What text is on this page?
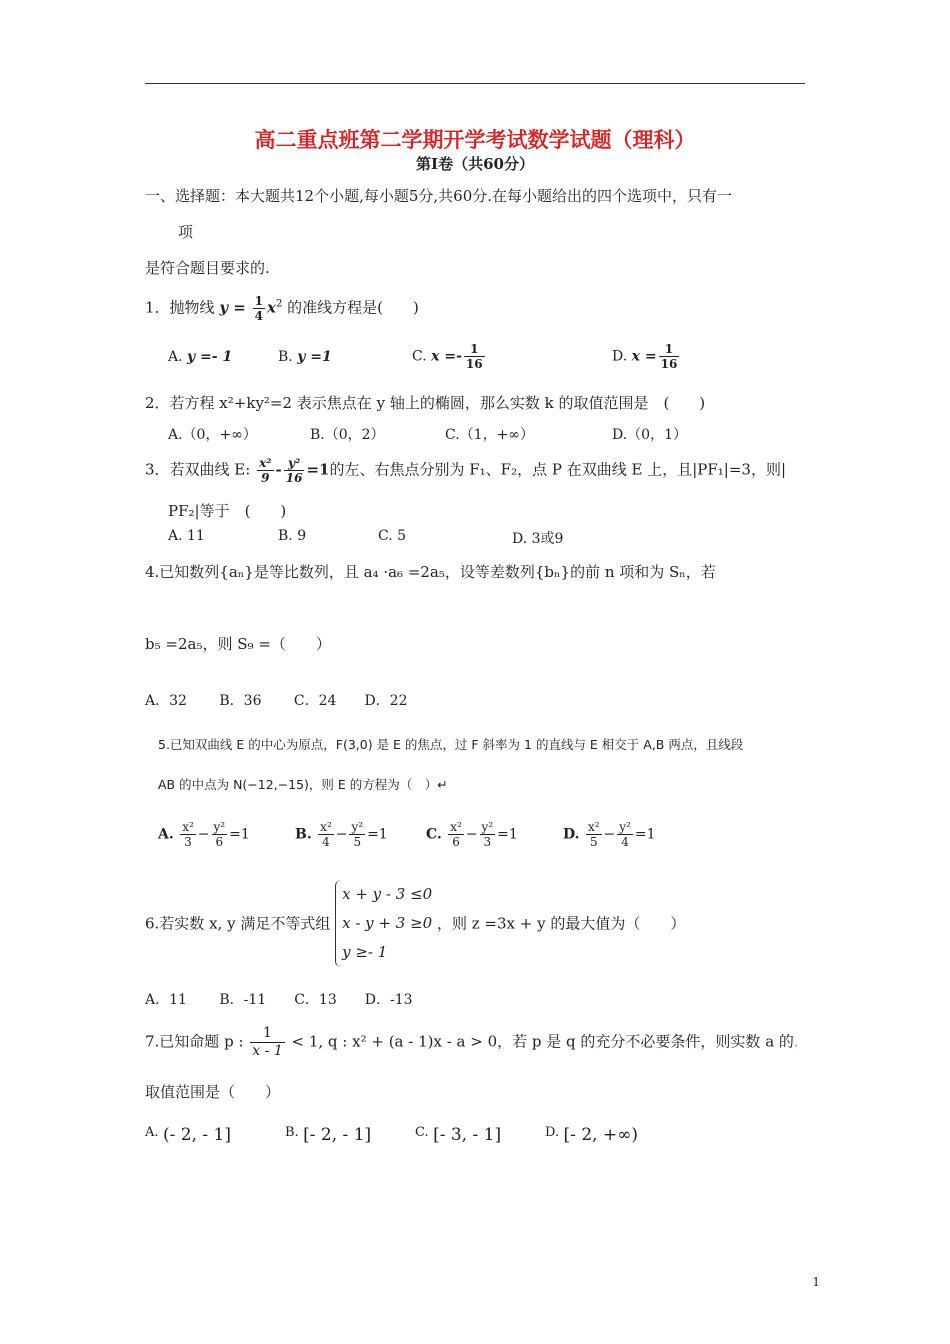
高二重点班第二学期开学考试数学试题（理科）
第Ⅰ卷（共60分）
一、选择题：本大题共12个小题,每小题5分,共60分.在每小题给出的四个选项中，只有一
项
是符合题目要求的.
1．抛物线 $y = \frac{1}{4} x^2$ 的准线方程是(　　)
A. y =- 1	B. y =1	C. $x =- \frac{1}{16}$	D. $x = \frac{1}{16}$
2．若方程 x²+ky²=2 表示焦点在 y 轴上的椭圆，那么实数 k 的取值范围是　(　　)
A.（0，+∞）	B.（0，2）	C.（1，+∞）	D.（0，1）
3．若双曲线 E: $\frac{\text{x²}}{9} - \frac{\text{y²}}{16} =1$的左、右焦点分别为 F₁、F₂，点 P 在双曲线 E 上，且|PF₁|=3，则|
PF₂|等于　(　　)
A. 11	B. 9	C. 5	D. 3或9
4.已知数列{aₙ}是等比数列，且 a₄ ·a₆ =2a₅，设等差数列{bₙ}的前 n 项和为 Sₙ，若
b₅ =2a₅，则 S₉ =（　　）
A．32　　 B．36　　 C．24　　D．22
5.已知双曲线 E 的中心为原点，F(3,0) 是 E 的焦点，过 F 斜率为 1 的直线与 E 相交于 A,B 两点，且线段
AB 的中点为 N(−12,−15)，则 E 的方程为（　）↵
A. $\frac{\text{x²}}{3} - \frac{\text{y²}}{6} =1$	B. $\frac{\text{x²}}{4} - \frac{\text{y²}}{5} =1$	C. $\frac{\text{x²}}{6} - \frac{\text{y²}}{3} =1$	D. $\frac{\text{x²}}{5} - \frac{\text{y²}}{4} =1$
6.若实数 x, y 满足不等式组
x + y - 3 ≤0
x - y + 3 ≥0
y ≥- 1
，则 z =3x + y 的最大值为（　　）
A．11　　 B．-11　　C．13　　D．-13
7.已知命题 p : $\frac{1}{x - 1} < 1$, q : x² + (a - 1)x - a > 0，若 p 是 q 的充分不必要条件，则实数 a 的.
取值范围是（　　）
A. (- 2, - 1]	B. [- 2, - 1]	C. [- 3, - 1]	D. [- 2, +∞)
1
